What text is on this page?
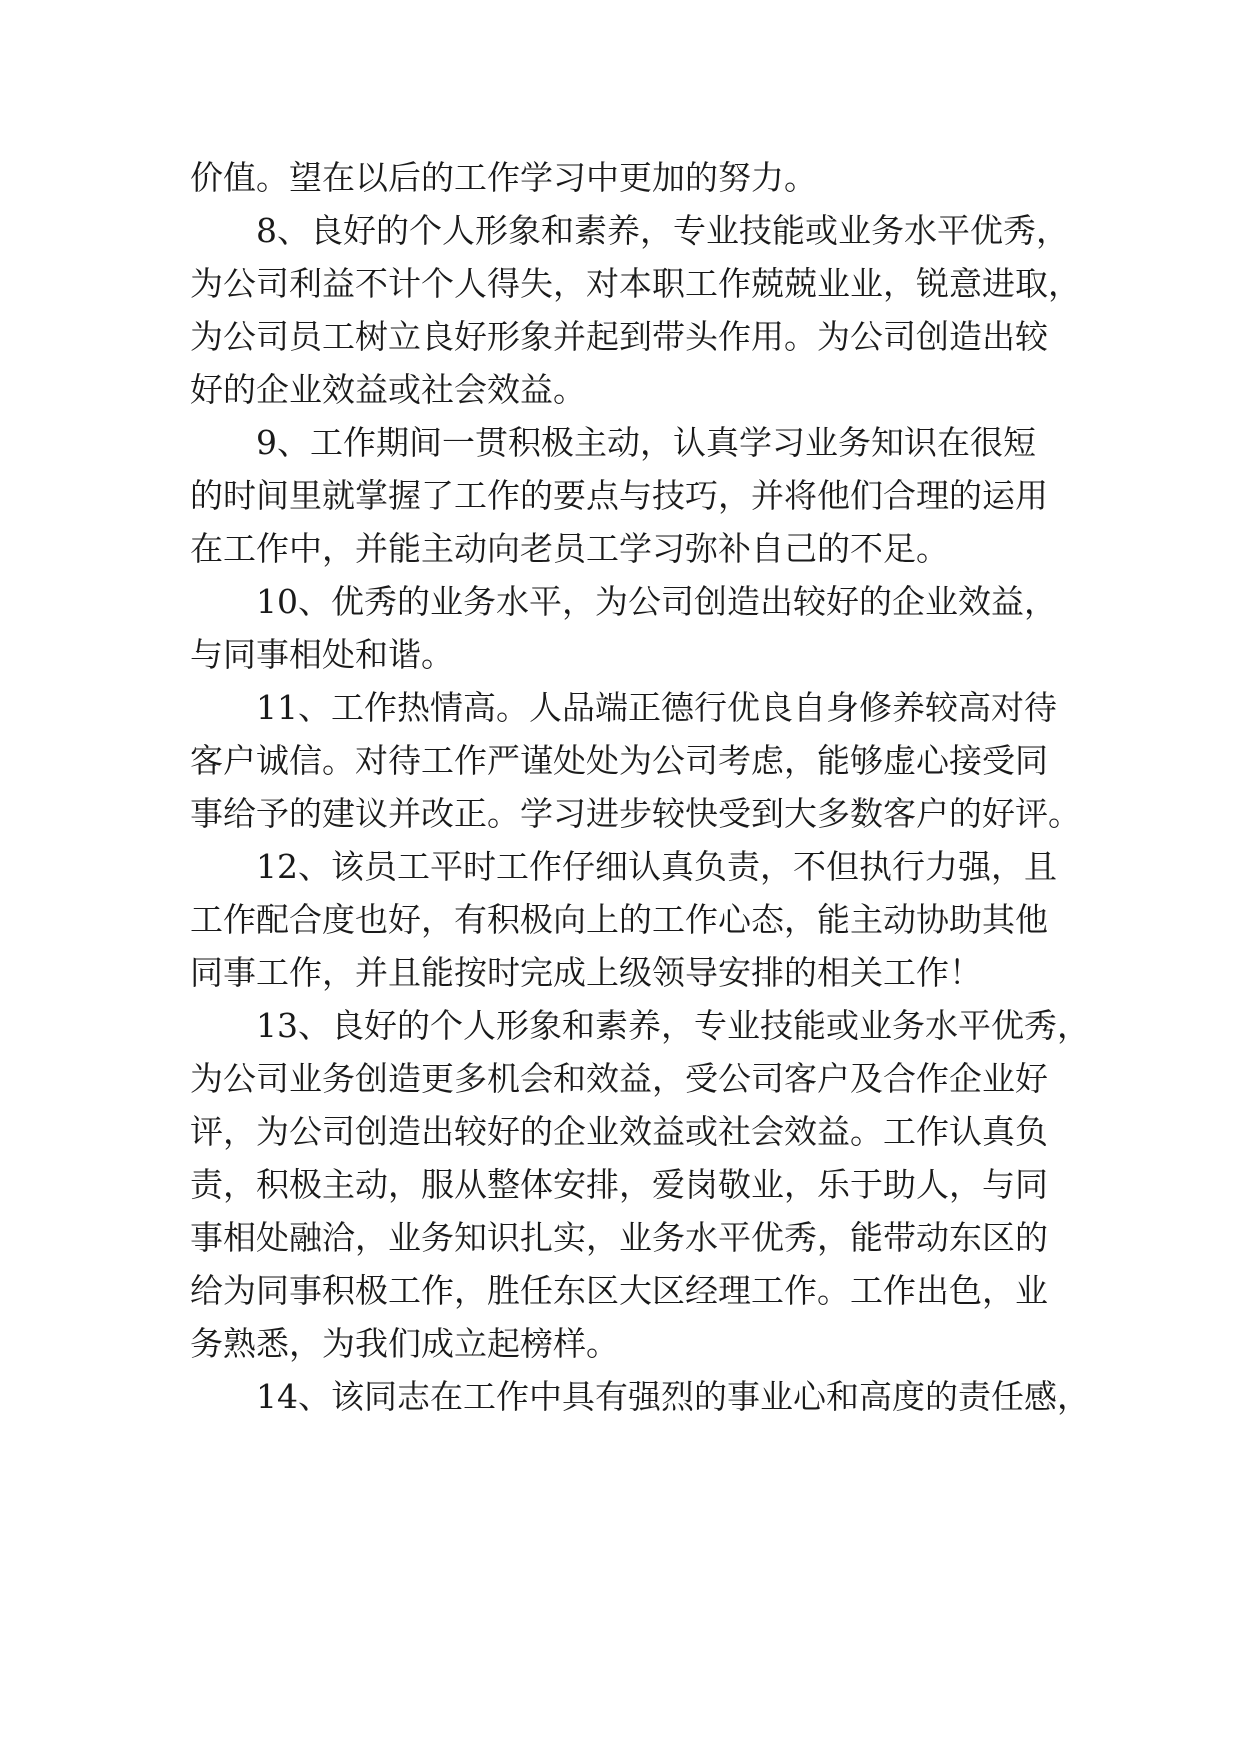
价值。望在以后的工作学习中更加的努力。

8、良好的个人形象和素养，专业技能或业务水平优秀，

为公司利益不计个人得失，对本职工作兢兢业业，锐意进取，

为公司员工树立良好形象并起到带头作用。为公司创造出较

好的企业效益或社会效益。

9、工作期间一贯积极主动，认真学习业务知识在很短

的时间里就掌握了工作的要点与技巧，并将他们合理的运用

在工作中，并能主动向老员工学习弥补自己的不足。

10、优秀的业务水平，为公司创造出较好的企业效益，

与同事相处和谐。

11、工作热情高。人品端正德行优良自身修养较高对待

客户诚信。对待工作严谨处处为公司考虑，能够虚心接受同

事给予的建议并改正。学习进步较快受到大多数客户的好评。

12、该员工平时工作仔细认真负责，不但执行力强，且

工作配合度也好，有积极向上的工作心态，能主动协助其他

同事工作，并且能按时完成上级领导安排的相关工作！

13、良好的个人形象和素养，专业技能或业务水平优秀，

为公司业务创造更多机会和效益，受公司客户及合作企业好

评，为公司创造出较好的企业效益或社会效益。工作认真负

责，积极主动，服从整体安排，爱岗敬业，乐于助人，与同

事相处融洽，业务知识扎实，业务水平优秀，能带动东区的

给为同事积极工作，胜任东区大区经理工作。工作出色，业

务熟悉，为我们成立起榜样。

14、该同志在工作中具有强烈的事业心和高度的责任感，
